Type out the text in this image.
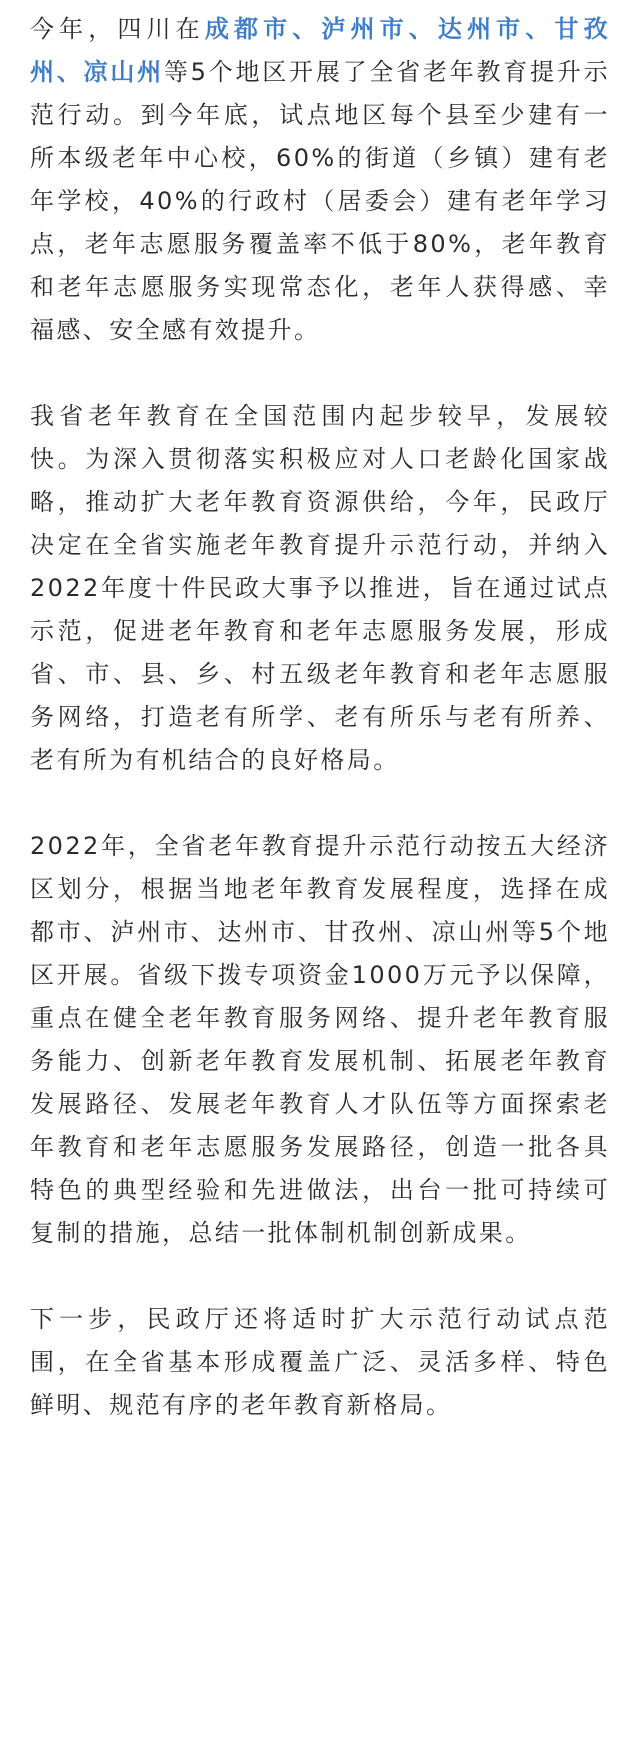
今年，四川在成都市、泸州市、达州市、甘孜州、凉山州等5个地区开展了全省老年教育提升示范行动。到今年底，试点地区每个县至少建有一所本级老年中心校，60%的街道（乡镇）建有老年学校，40%的行政村（居委会）建有老年学习点，老年志愿服务覆盖率不低于80%，老年教育和老年志愿服务实现常态化，老年人获得感、幸福感、安全感有效提升。

我省老年教育在全国范围内起步较早，发展较快。为深入贯彻落实积极应对人口老龄化国家战略，推动扩大老年教育资源供给，今年，民政厅决定在全省实施老年教育提升示范行动，并纳入2022年度十件民政大事予以推进，旨在通过试点示范，促进老年教育和老年志愿服务发展，形成省、市、县、乡、村五级老年教育和老年志愿服务网络，打造老有所学、老有所乐与老有所养、老有所为有机结合的良好格局。

2022年，全省老年教育提升示范行动按五大经济区划分，根据当地老年教育发展程度，选择在成都市、泸州市、达州市、甘孜州、凉山州等5个地区开展。省级下拨专项资金1000万元予以保障，重点在健全老年教育服务网络、提升老年教育服务能力、创新老年教育发展机制、拓展老年教育发展路径、发展老年教育人才队伍等方面探索老年教育和老年志愿服务发展路径，创造一批各具特色的典型经验和先进做法，出台一批可持续可复制的措施，总结一批体制机制创新成果。

下一步，民政厅还将适时扩大示范行动试点范围，在全省基本形成覆盖广泛、灵活多样、特色鲜明、规范有序的老年教育新格局。
